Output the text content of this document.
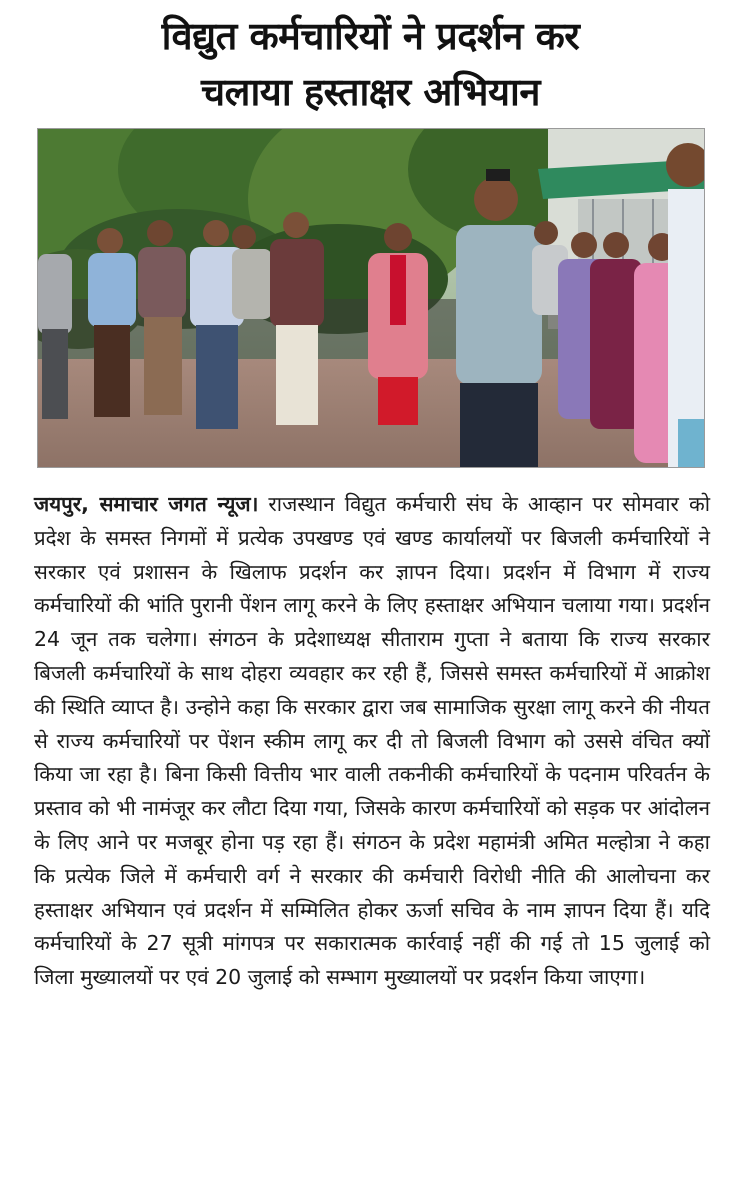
विद्युत कर्मचारियों ने प्रदर्शन कर
चलाया हस्ताक्षर अभियान

जयपुर, समाचार जगत न्यूज। राजस्थान विद्युत कर्मचारी संघ के आव्हान पर सोमवार को प्रदेश के समस्त निगमों में प्रत्येक उपखण्ड एवं खण्ड कार्यालयों पर बिजली कर्मचारियों ने सरकार एवं प्रशासन के खिलाफ प्रदर्शन कर ज्ञापन दिया। प्रदर्शन में विभाग में राज्य कर्मचारियों की भांति पुरानी पेंशन लागू करने के लिए हस्ताक्षर अभियान चलाया गया। प्रदर्शन 24 जून तक चलेगा। संगठन के प्रदेशाध्यक्ष सीताराम गुप्ता ने बताया कि राज्य सरकार बिजली कर्मचारियों के साथ दोहरा व्यवहार कर रही हैं, जिससे समस्त कर्मचारियों में आक्रोश की स्थिति व्याप्त है। उन्होने कहा कि सरकार द्वारा जब सामाजिक सुरक्षा लागू करने की नीयत से राज्य कर्मचारियों पर पेंशन स्कीम लागू कर दी तो बिजली विभाग को उससे वंचित क्यों किया जा रहा है। बिना किसी वित्तीय भार वाली तकनीकी कर्मचारियों के पदनाम परिवर्तन के प्रस्ताव को भी नामंजूर कर लौटा दिया गया, जिसके कारण कर्मचारियों को सड़क पर आंदोलन के लिए आने पर मजबूर होना पड़ रहा हैं। संगठन के प्रदेश महामंत्री अमित मल्होत्रा ने कहा कि प्रत्येक जिले में कर्मचारी वर्ग ने सरकार की कर्मचारी विरोधी नीति की आलोचना कर हस्ताक्षर अभियान एवं प्रदर्शन में सम्मिलित होकर ऊर्जा सचिव के नाम ज्ञापन दिया हैं। यदि कर्मचारियों के 27 सूत्री मांगपत्र पर सकारात्मक कार्रवाई नहीं की गई तो 15 जुलाई को जिला मुख्यालयों पर एवं 20 जुलाई को सम्भाग मुख्यालयों पर प्रदर्शन किया जाएगा।
